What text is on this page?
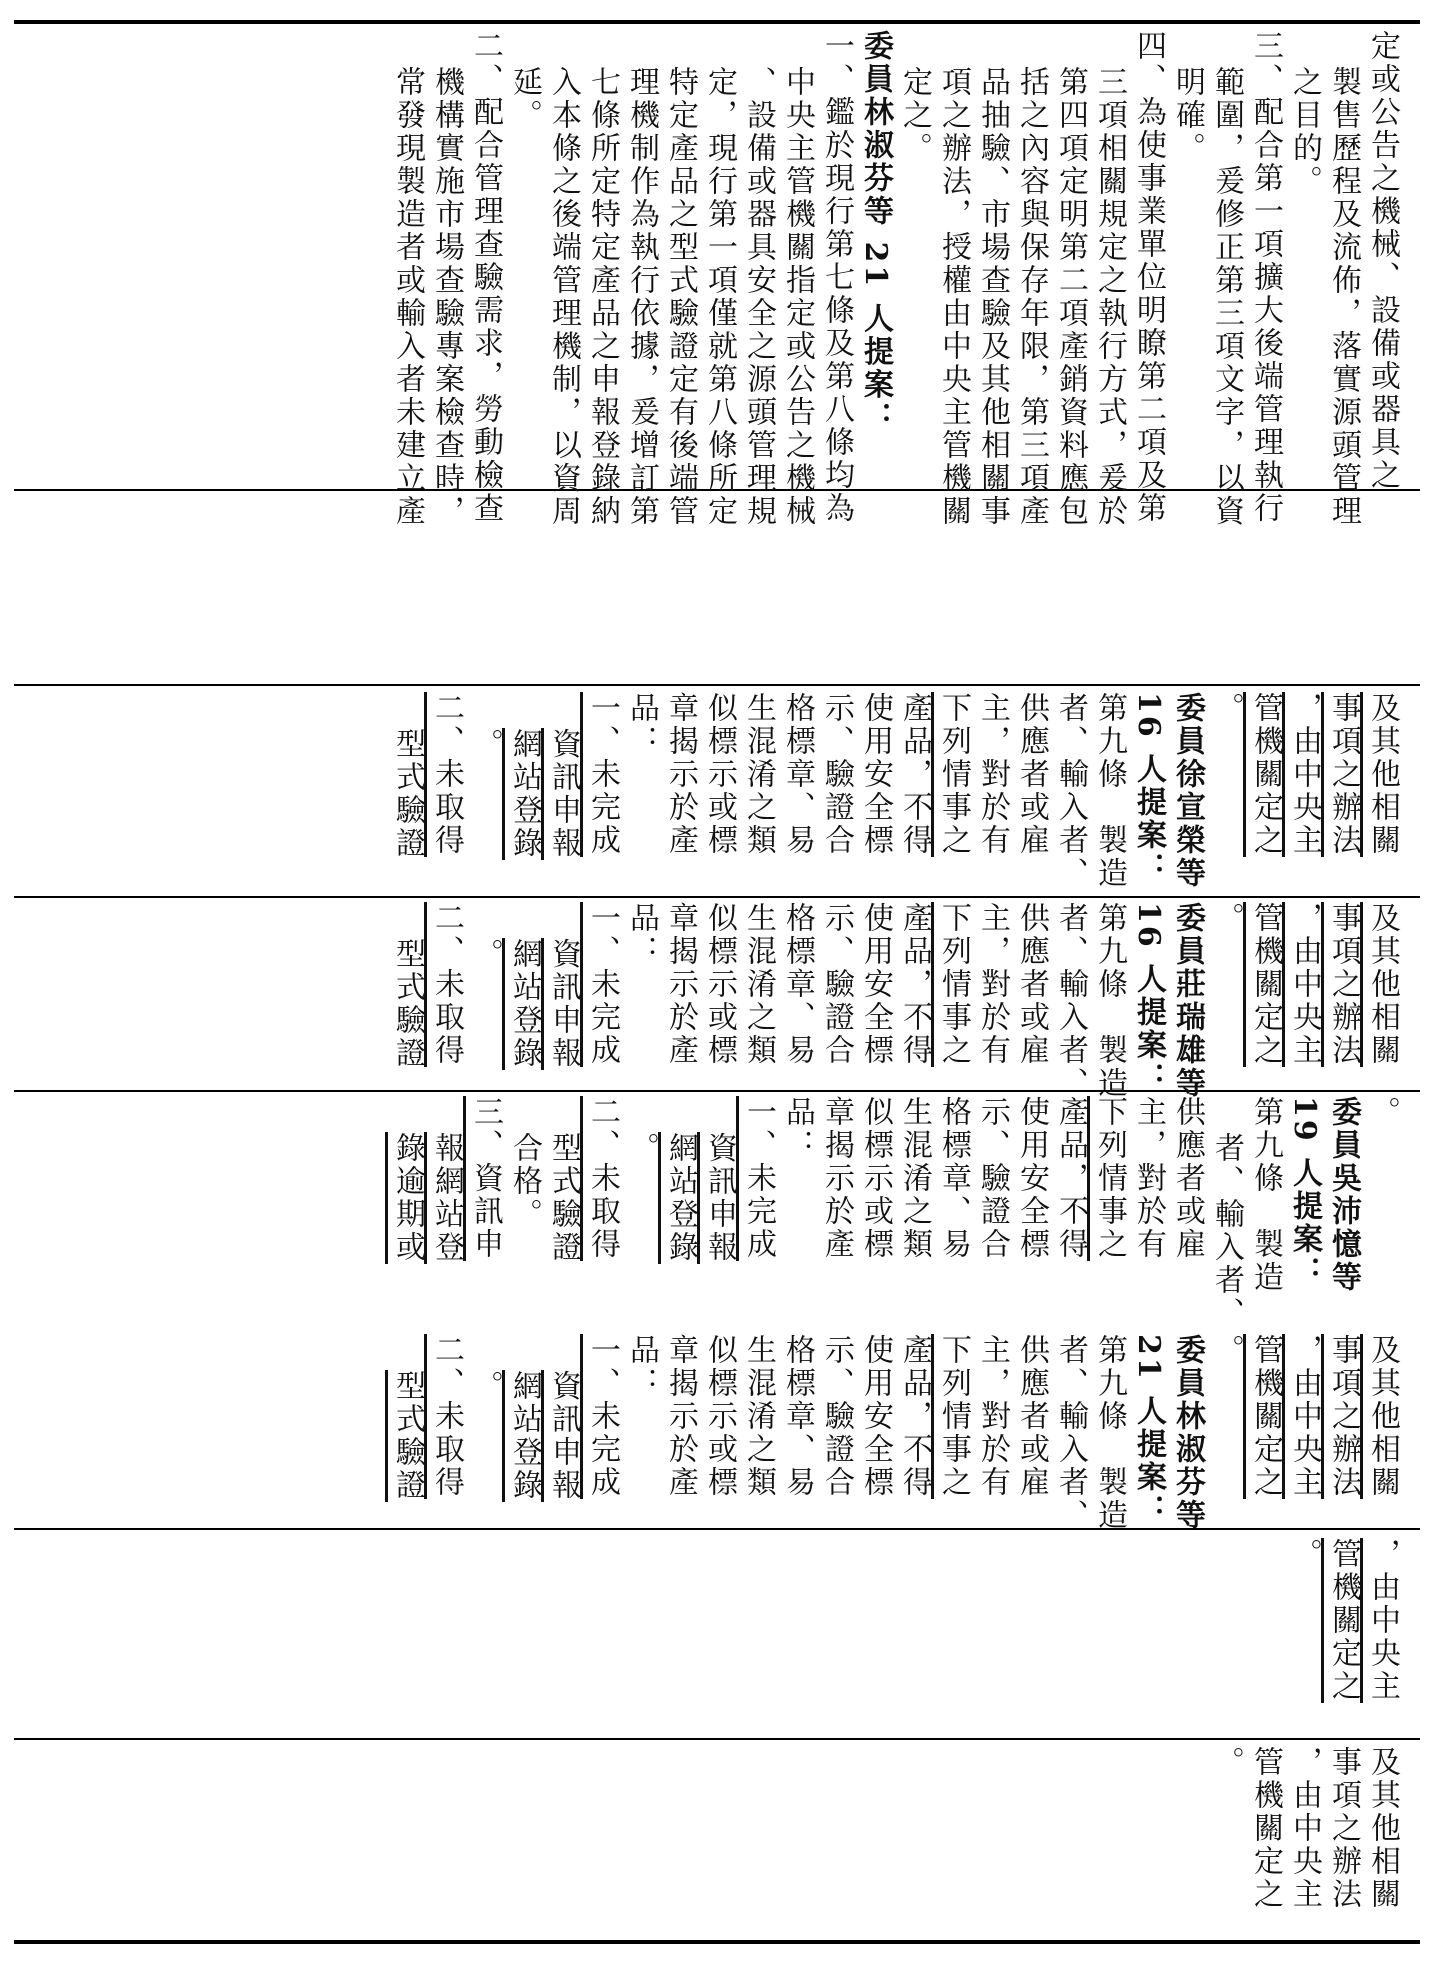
定或公告之機械、設備或器具之
製售歷程及流佈，落實源頭管理
之目的。
三、配合第一項擴大後端管理執行
範圍，爰修正第三項文字，以資
明確。
四、為使事業單位明瞭第二項及第
三項相關規定之執行方式，爰於
第四項定明第二項產銷資料應包
括之內容與保存年限，第三項產
品抽驗、市場查驗及其他相關事
項之辦法，授權由中央主管機關
定之。
委員林淑芬等 21 人提案：
一、鑑於現行第七條及第八條均為
中央主管機關指定或公告之機械
、設備或器具安全之源頭管理規
定，現行第一項僅就第八條所定
特定產品之型式驗證定有後端管
理機制作為執行依據，爰增訂第
七條所定特定產品之申報登錄納
入本條之後端管理機制，以資周
延。
二、配合管理查驗需求，勞動檢查
機構實施市場查驗專案檢查時，
常發現製造者或輸入者未建立產
及其他相關
事項之辦法
，由中央主
管機關定之
。
委員徐宣榮等
16 人提案：
第九條　製造
者、輸入者、
供應者或雇
主，對於有
下列情事之
產品，不得
使用安全標
示、驗證合
格標章、易
生混淆之類
似標示或標
章揭示於產
品：
一、未完成
資訊申報
網站登錄
。
二、未取得
型式驗證
及其他相關
事項之辦法
，由中央主
管機關定之
。
委員莊瑞雄等
16 人提案：
第九條　製造
者、輸入者、
供應者或雇
主，對於有
下列情事之
產品，不得
使用安全標
示、驗證合
格標章、易
生混淆之類
似標示或標
章揭示於產
品：
一、未完成
資訊申報
網站登錄
。
二、未取得
型式驗證
。
委員吳沛憶等
19 人提案：
第九條　製造
者、輸入者、
供應者或雇
主，對於有
下列情事之
產品，不得
使用安全標
示、驗證合
格標章、易
生混淆之類
似標示或標
章揭示於產
品：
一、未完成
資訊申報
網站登錄
。
二、未取得
型式驗證
合格。
三、資訊申
報網站登
錄逾期或
及其他相關
事項之辦法
，由中央主
管機關定之
。
委員林淑芬等
21 人提案：
第九條　製造
者、輸入者、
供應者或雇
主，對於有
下列情事之
產品，不得
使用安全標
示、驗證合
格標章、易
生混淆之類
似標示或標
章揭示於產
品：
一、未完成
資訊申報
網站登錄
。
二、未取得
型式驗證
，由中央主
管機關定之
。
及其他相關
事項之辦法
，由中央主
管機關定之
。
